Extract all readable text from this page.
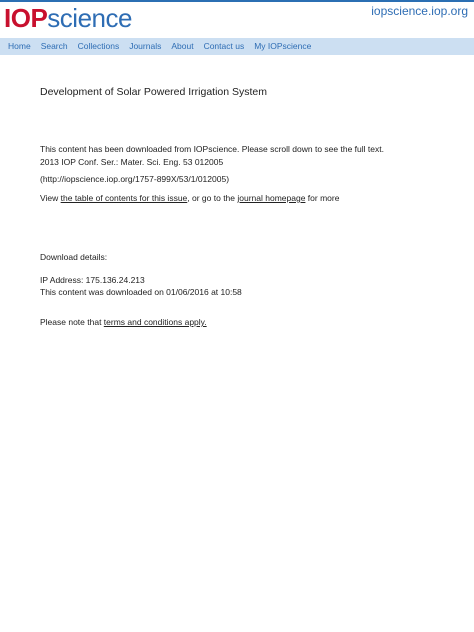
IOPscience	iopscience.iop.org
Home Search Collections Journals About Contact us My IOPscience
Development of Solar Powered Irrigation System

This content has been downloaded from IOPscience. Please scroll down to see the full text.

2013 IOP Conf. Ser.: Mater. Sci. Eng. 53 012005

(http://iopscience.iop.org/1757-899X/53/1/012005)

View the table of contents for this issue, or go to the journal homepage for more

Download details:

IP Address: 175.136.24.213

This content was downloaded on 01/06/2016 at 10:58

Please note that terms and conditions apply.
